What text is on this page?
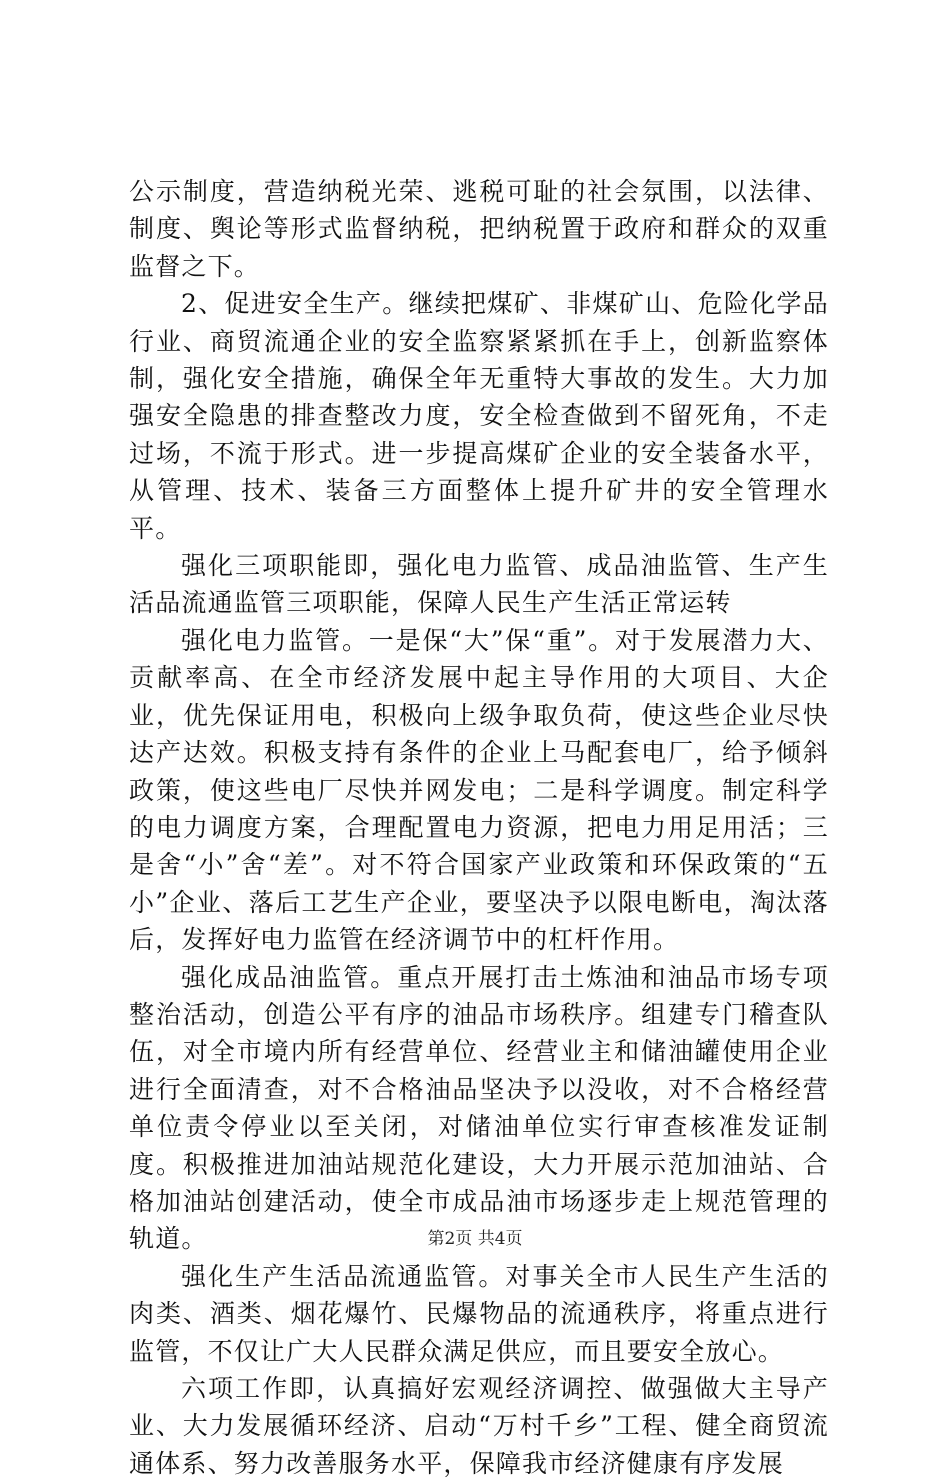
公示制度，营造纳税光荣、逃税可耻的社会氛围，以法律、制度、舆论等形式监督纳税，把纳税置于政府和群众的双重监督之下。

2、促进安全生产。继续把煤矿、非煤矿山、危险化学品行业、商贸流通企业的安全监察紧紧抓在手上，创新监察体制，强化安全措施，确保全年无重特大事故的发生。大力加强安全隐患的排查整改力度，安全检查做到不留死角，不走过场，不流于形式。进一步提高煤矿企业的安全装备水平，从管理、技术、装备三方面整体上提升矿井的安全管理水平。

强化三项职能即，强化电力监管、成品油监管、生产生活品流通监管三项职能，保障人民生产生活正常运转

强化电力监管。一是保“大”保“重”。对于发展潜力大、贡献率高、在全市经济发展中起主导作用的大项目、大企业，优先保证用电，积极向上级争取负荷，使这些企业尽快达产达效。积极支持有条件的企业上马配套电厂，给予倾斜政策，使这些电厂尽快并网发电；二是科学调度。制定科学的电力调度方案，合理配置电力资源，把电力用足用活；三是舍“小”舍“差”。对不符合国家产业政策和环保政策的“五小”企业、落后工艺生产企业，要坚决予以限电断电，淘汰落后，发挥好电力监管在经济调节中的杠杆作用。

强化成品油监管。重点开展打击土炼油和油品市场专项整治活动，创造公平有序的油品市场秩序。组建专门稽查队伍，对全市境内所有经营单位、经营业主和储油罐使用企业进行全面清查，对不合格油品坚决予以没收，对不合格经营单位责令停业以至关闭，对储油单位实行审查核准发证制度。积极推进加油站规范化建设，大力开展示范加油站、合格加油站创建活动，使全市成品油市场逐步走上规范管理的轨道。

强化生产生活品流通监管。对事关全市人民生产生活的肉类、酒类、烟花爆竹、民爆物品的流通秩序，将重点进行监管，不仅让广大人民群众满足供应，而且要安全放心。

六项工作即，认真搞好宏观经济调控、做强做大主导产业、大力发展循环经济、启动“万村千乡”工程、健全商贸流通体系、努力改善服务水平，保障我市经济健康有序发展

第2页 共4页
